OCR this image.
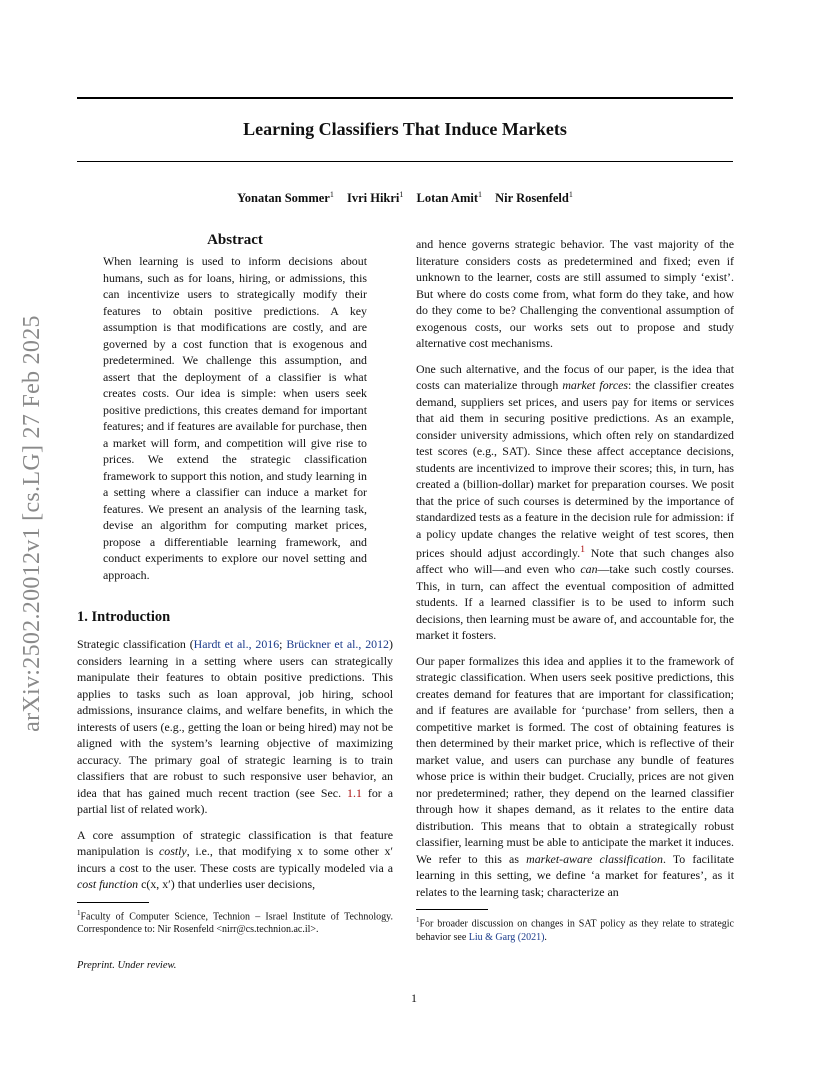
arXiv:2502.20012v1 [cs.LG] 27 Feb 2025
Learning Classifiers That Induce Markets
Yonatan Sommer$^1$ Ivri Hikri$^1$ Lotan Amit$^1$ Nir Rosenfeld$^1$
Abstract
When learning is used to inform decisions about humans, such as for loans, hiring, or admissions, this can incentivize users to strategically modify their features to obtain positive predictions. A key assumption is that modifications are costly, and are governed by a cost function that is exogenous and predetermined. We challenge this assumption, and assert that the deployment of a classifier is what creates costs. Our idea is simple: when users seek positive predictions, this creates demand for important features; and if features are available for purchase, then a market will form, and competition will give rise to prices. We extend the strategic classification framework to support this notion, and study learning in a setting where a classifier can induce a market for features. We present an analysis of the learning task, devise an algorithm for computing market prices, propose a differentiable learning framework, and conduct experiments to explore our novel setting and approach.
1. Introduction

Strategic classification (Hardt et al., 2016; Brückner et al., 2012) considers learning in a setting where users can strategically manipulate their features to obtain positive predictions. This applies to tasks such as loan approval, job hiring, school admissions, insurance claims, and welfare benefits, in which the interests of users (e.g., getting the loan or being hired) may not be aligned with the system’s learning objective of maximizing accuracy. The primary goal of strategic learning is to train classifiers that are robust to such responsive user behavior, an idea that has gained much recent traction (see Sec. 1.1 for a partial list of related work).

A core assumption of strategic classification is that feature manipulation is costly, i.e., that modifying x to some other x′ incurs a cost to the user. These costs are typically modeled via a cost function c(x, x′) that underlies user decisions,

$^1$Faculty of Computer Science, Technion – Israel Institute of Technology. Correspondence to: Nir Rosenfeld <nirr@cs.technion.ac.il>.

and hence governs strategic behavior. The vast majority of the literature considers costs as predetermined and fixed; even if unknown to the learner, costs are still assumed to simply ‘exist’. But where do costs come from, what form do they take, and how do they come to be? Challenging the conventional assumption of exogenous costs, our works sets out to propose and study alternative cost mechanisms.

One such alternative, and the focus of our paper, is the idea that costs can materialize through market forces: the classifier creates demand, suppliers set prices, and users pay for items or services that aid them in securing positive predictions. As an example, consider university admissions, which often rely on standardized test scores (e.g., SAT). Since these affect acceptance decisions, students are incentivized to improve their scores; this, in turn, has created a (billion-dollar) market for preparation courses. We posit that the price of such courses is determined by the importance of standardized tests as a feature in the decision rule for admission: if a policy update changes the relative weight of test scores, then prices should adjust accordingly.$^1$ Note that such changes also affect who will—and even who can—take such costly courses. This, in turn, can affect the eventual composition of admitted students. If a learned classifier is to be used to inform such decisions, then learning must be aware of, and accountable for, the market it fosters.

Our paper formalizes this idea and applies it to the framework of strategic classification. When users seek positive predictions, this creates demand for features that are important for classification; and if features are available for ‘purchase’ from sellers, then a competitive market is formed. The cost of obtaining features is then determined by their market price, which is reflective of their market value, and users can purchase any bundle of features whose price is within their budget. Crucially, prices are not given nor predetermined; rather, they depend on the learned classifier through how it shapes demand, as it relates to the entire data distribution. This means that to obtain a strategically robust classifier, learning must be able to anticipate the market it induces. We refer to this as market-aware classification. To facilitate learning in this setting, we define ‘a market for features’, as it relates to the learning task; characterize an

$^1$For broader discussion on changes in SAT policy as they relate to strategic behavior see Liu & Garg (2021).
Preprint. Under review.
1
